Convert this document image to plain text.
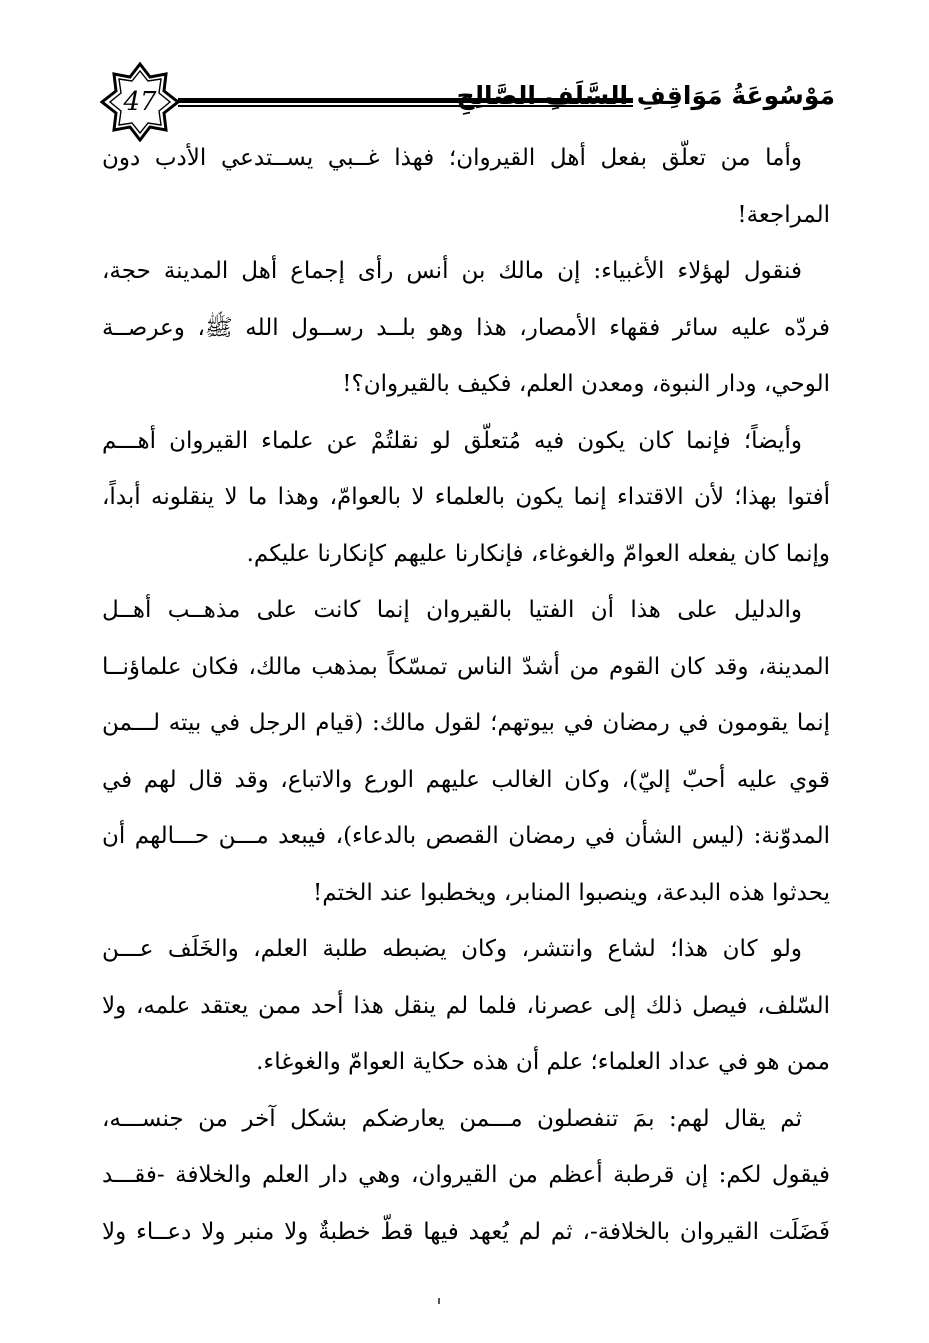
47	مَوْسُوعَةُ مَوَاقِفِ السَّلَفِ الصَّالِحِ
وأما من تعلّق بفعل أهل القيروان؛ فهذا غــبي يســتدعي الأدب دون
المراجعة!
فنقول لهؤلاء الأغبياء: إن مالك بن أنس رأى إجماع أهل المدينة حجة،
فردّه عليه سائر فقهاء الأمصار، هذا وهو بلــد رســول الله ﷺ، وعرصــة
الوحي، ودار النبوة، ومعدن العلم، فكيف بالقيروان؟!
وأيضاً؛ فإنما كان يكون فيه مُتعلّق لو نقلتُمْ عن علماء القيروان أهـــم
أفتوا بهذا؛ لأن الاقتداء إنما يكون بالعلماء لا بالعوامّ، وهذا ما لا ينقلونه أبداً،
وإنما كان يفعله العوامّ والغوغاء، فإنكارنا عليهم كإنكارنا عليكم.
والدليل على هذا أن الفتيا بالقيروان إنما كانت على مذهــب أهــل
المدينة، وقد كان القوم من أشدّ الناس تمسّكاً بمذهب مالك، فكان علماؤنــا
إنما يقومون في رمضان في بيوتهم؛ لقول مالك: (قيام الرجل في بيته لـــمن
قوي عليه أحبّ إليّ)، وكان الغالب عليهم الورع والاتباع، وقد قال لهم في
المدوّنة: (ليس الشأن في رمضان القصص بالدعاء)، فيبعد مـــن حـــالهم أن
يحدثوا هذه البدعة، وينصبوا المنابر، ويخطبوا عند الختم!
ولو كان هذا؛ لشاع وانتشر، وكان يضبطه طلبة العلم، والخَلَف عـــن
السّلف، فيصل ذلك إلى عصرنا، فلما لم ينقل هذا أحد ممن يعتقد علمه، ولا
ممن هو في عداد العلماء؛ علم أن هذه حكاية العوامّ والغوغاء.
ثم يقال لهم: بمَ تنفصلون مـــمن يعارضكم بشكل آخر من جنســـه،
فيقول لكم: إن قرطبة أعظم من القيروان، وهي دار العلم والخلافة -فقـــد
فَضَلَت القيروان بالخلافة-، ثم لم يُعهد فيها قطّ خطبةٌ ولا منبر ولا دعــاء ولا
